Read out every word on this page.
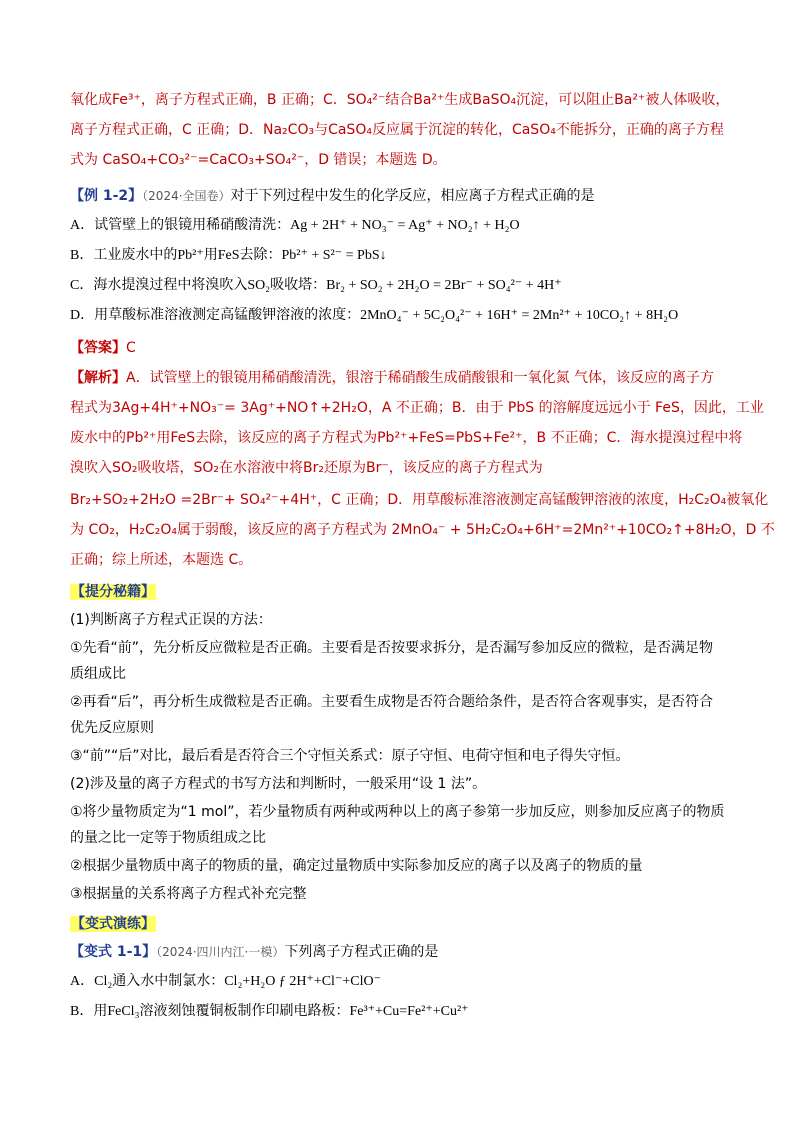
氧化成Fe³⁺，离子方程式正确，B 正确；C．SO₄²⁻结合Ba²⁺生成BaSO₄沉淀，可以阻止Ba²⁺被人体吸收，
离子方程式正确，C 正确；D．Na₂CO₃与CaSO₄反应属于沉淀的转化，CaSO₄不能拆分，正确的离子方程
式为 CaSO₄+CO₃²⁻=CaCO₃+SO₄²⁻，D 错误；本题选 D。
【例 1-2】（2024·全国卷）对于下列过程中发生的化学反应，相应离子方程式正确的是
A．试管壁上的银镜用稀硝酸清洗：Ag + 2H⁺ + NO₃⁻ = Ag⁺ + NO₂↑ + H₂O
B．工业废水中的Pb²⁺用FeS去除：Pb²⁺ + S²⁻ = PbS↓
C．海水提溴过程中将溴吹入SO₂吸收塔：Br₂ + SO₂ + 2H₂O = 2Br⁻ + SO₄²⁻ + 4H⁺
D．用草酸标准溶液测定高锰酸钾溶液的浓度：2MnO₄⁻ + 5C₂O₄²⁻ + 16H⁺ = 2Mn²⁺ + 10CO₂↑ + 8H₂O
【答案】C
【解析】A．试管壁上的银镜用稀硝酸清洗，银溶于稀硝酸生成硝酸银和一氧化氮 气体，该反应的离子方
程式为3Ag+4H⁺+NO₃⁻= 3Ag⁺+NO↑+2H₂O，A 不正确；B．由于 PbS 的溶解度远远小于 FeS，因此，工业
废水中的Pb²⁺用FeS去除，该反应的离子方程式为Pb²⁺+FeS=PbS+Fe²⁺，B 不正确；C．海水提溴过程中将
溴吹入SO₂吸收塔，SO₂在水溶液中将Br₂还原为Br⁻，该反应的离子方程式为
Br₂+SO₂+2H₂O =2Br⁻+ SO₄²⁻+4H⁺，C 正确；D．用草酸标准溶液测定高锰酸钾溶液的浓度，H₂C₂O₄被氧化
为 CO₂，H₂C₂O₄属于弱酸，该反应的离子方程式为 2MnO₄⁻ + 5H₂C₂O₄+6H⁺=2Mn²⁺+10CO₂↑+8H₂O，D 不
正确；综上所述，本题选 C。
【提分秘籍】
(1)判断离子方程式正误的方法：
①先看“前”，先分析反应微粒是否正确。主要看是否按要求拆分，是否漏写参加反应的微粒，是否满足物
质组成比
②再看“后”，再分析生成微粒是否正确。主要看生成物是否符合题给条件，是否符合客观事实，是否符合
优先反应原则
③“前”“后”对比，最后看是否符合三个守恒关系式：原子守恒、电荷守恒和电子得失守恒。
(2)涉及量的离子方程式的书写方法和判断时，一般采用“设 1 法”。
①将少量物质定为“1 mol”，若少量物质有两种或两种以上的离子参第一步加反应，则参加反应离子的物质
的量之比一定等于物质组成之比
②根据少量物质中离子的物质的量，确定过量物质中实际参加反应的离子以及离子的物质的量
③根据量的关系将离子方程式补充完整
【变式演练】
【变式 1-1】（2024·四川内江·一模）下列离子方程式正确的是
A．Cl₂通入水中制氯水：Cl₂+H₂O ƒ 2H⁺+Cl⁻+ClO⁻
B．用FeCl₃溶液刻蚀覆铜板制作印刷电路板：Fe³⁺+Cu=Fe²⁺+Cu²⁺
